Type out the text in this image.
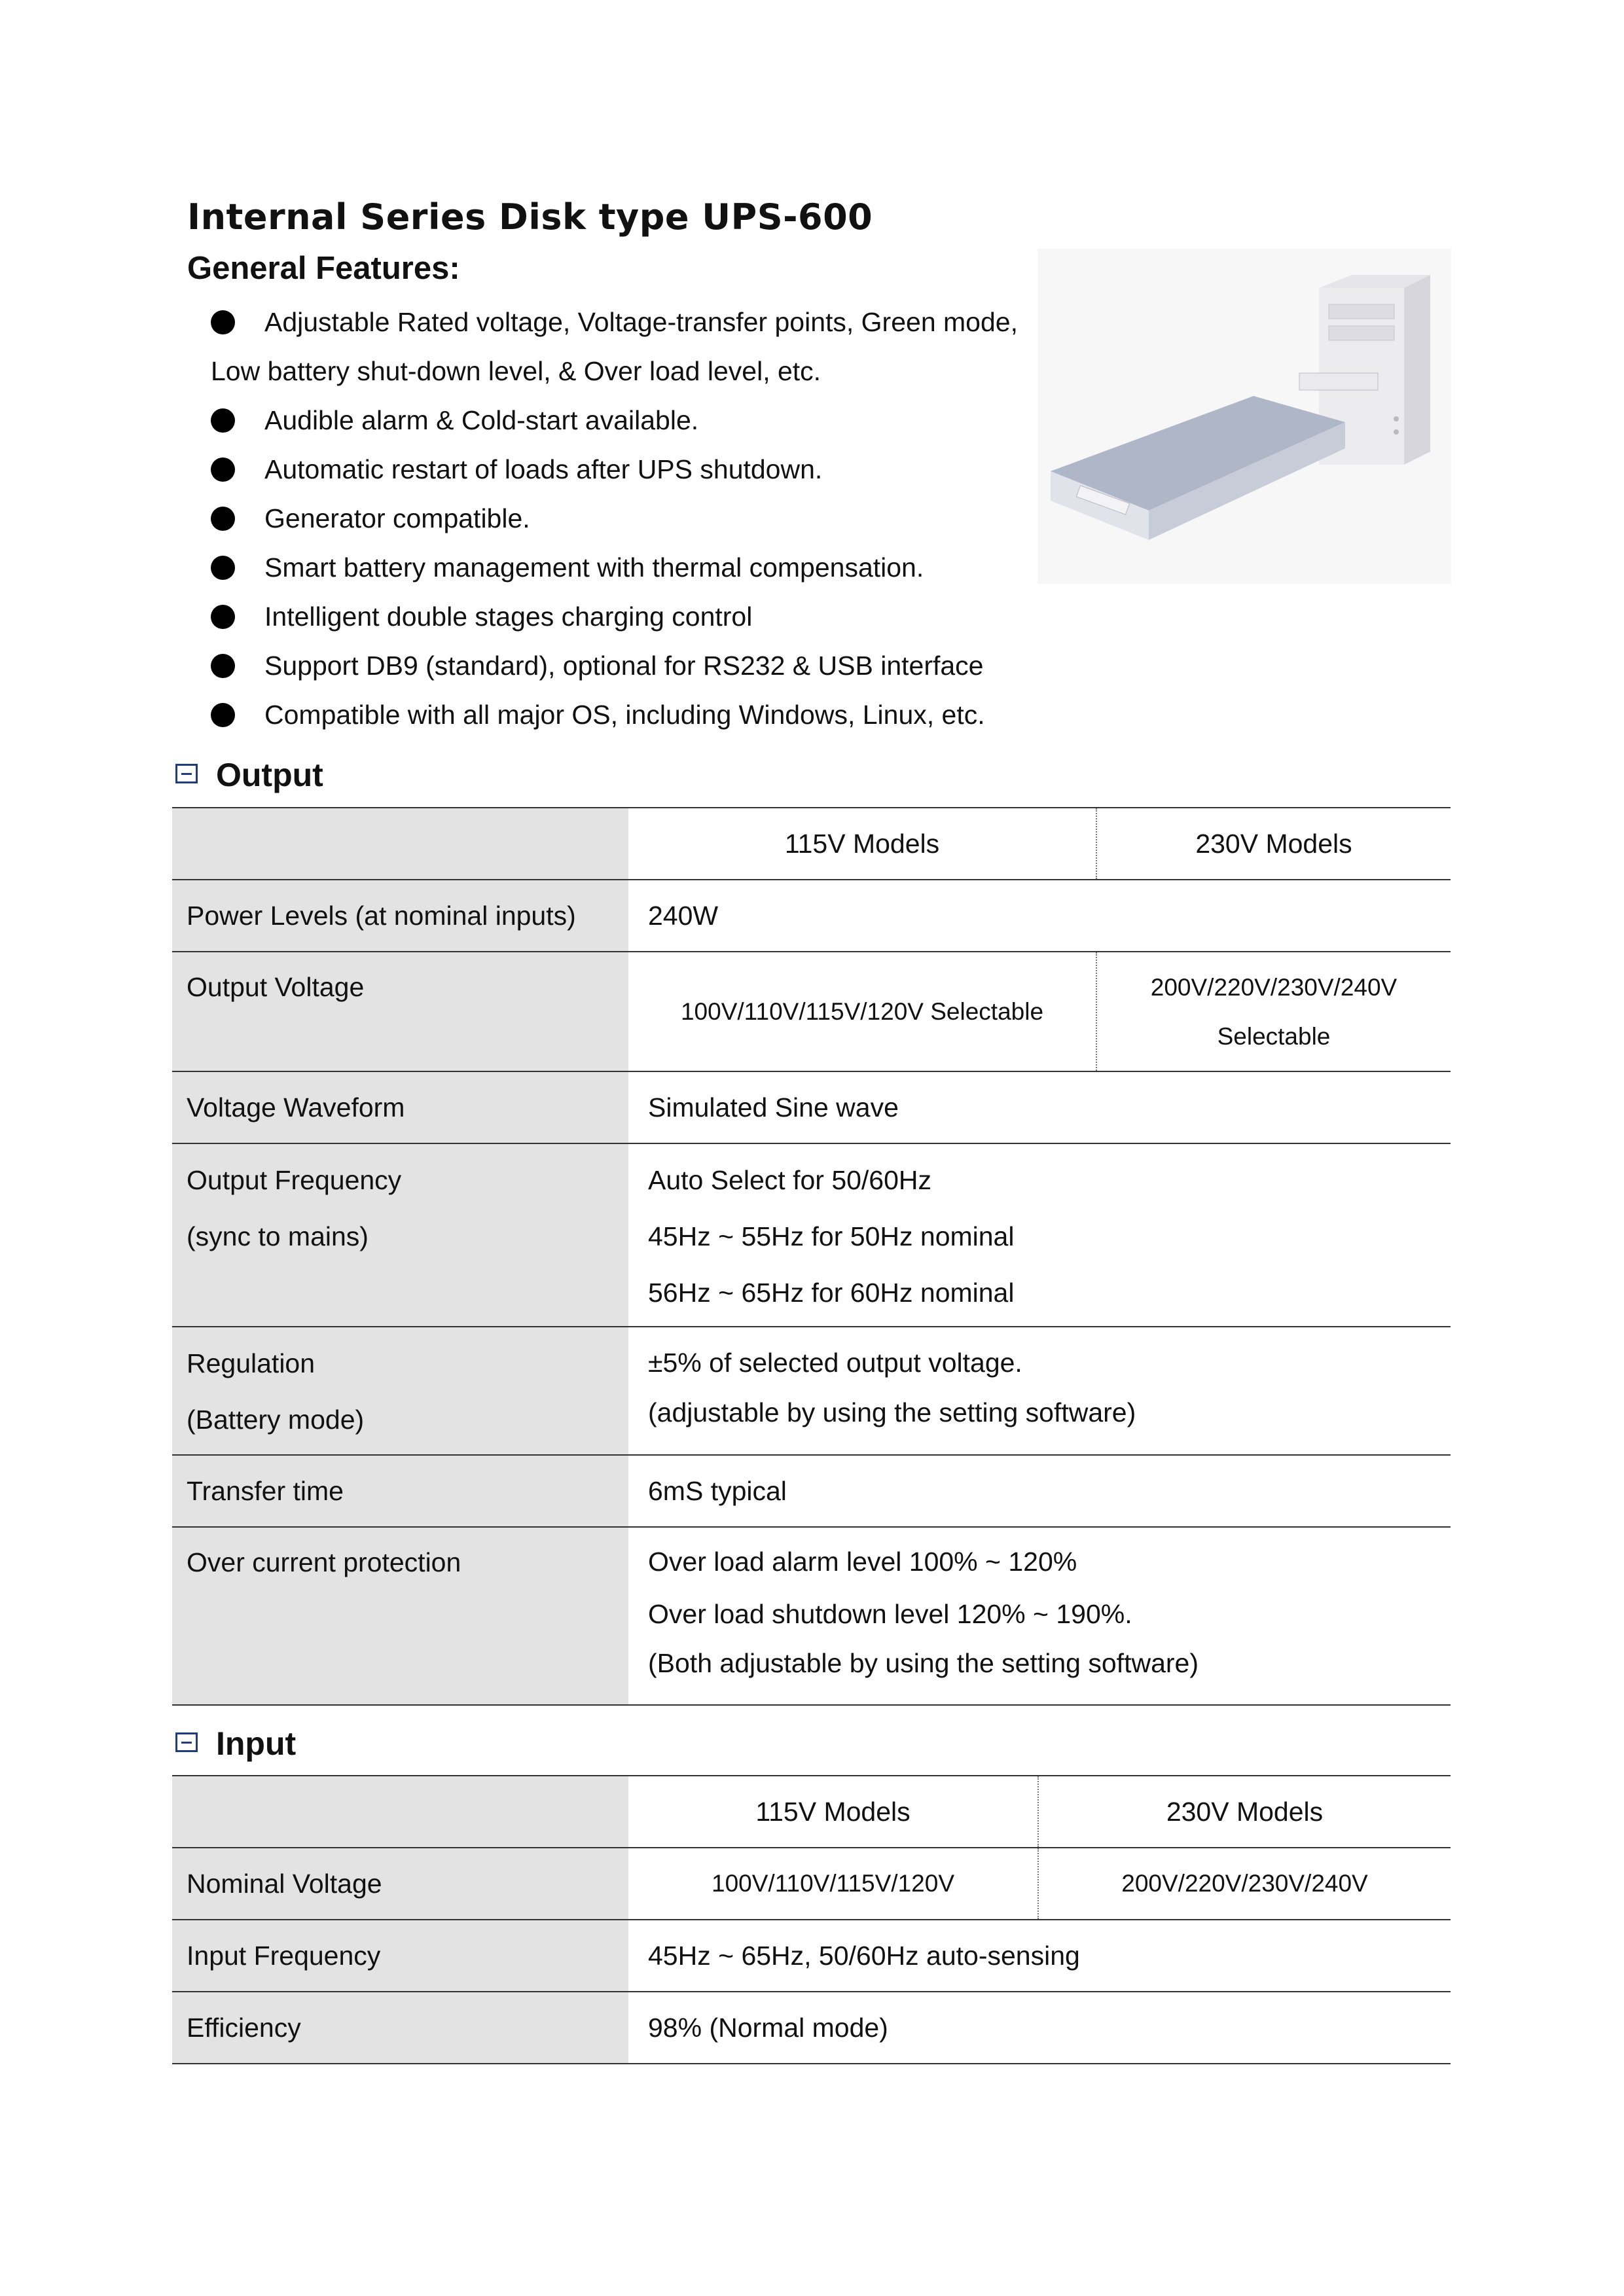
Internal Series Disk type UPS-600
General Features:
Adjustable Rated voltage, Voltage-transfer points, Green mode,
Low battery shut-down level, & Over load level, etc.
Audible alarm & Cold-start available.
Automatic restart of loads after UPS shutdown.
Generator compatible.
Smart battery management with thermal compensation.
Intelligent double stages charging control
Support DB9 (standard), optional for RS232 & USB interface
Compatible with all major OS, including Windows, Linux, etc.
Output
	115V Models	230V Models
Power Levels (at nominal inputs)	240W	
Output Voltage	100V/110V/115V/120V Selectable	200V/220V/230V/240V
Selectable

Voltage Waveform	Simulated Sine wave	

Output Frequency
(sync to mains)	Auto Select for 50/60Hz
45Hz ~ 55Hz for 50Hz nominal
56Hz ~ 65Hz for 60Hz nominal	

Regulation
(Battery mode)	±5% of selected output voltage.
(adjustable by using the setting software)	

Transfer time	6mS typical	
Over current protection	Over load alarm level 100% ~ 120%
Over load shutdown level 120% ~ 190%.
(Both adjustable by using the setting software)	
Input
	115V Models	230V Models
Nominal Voltage	100V/110V/115V/120V	200V/220V/230V/240V
Input Frequency	45Hz ~ 65Hz, 50/60Hz auto-sensing	
Efficiency	98% (Normal mode)	
